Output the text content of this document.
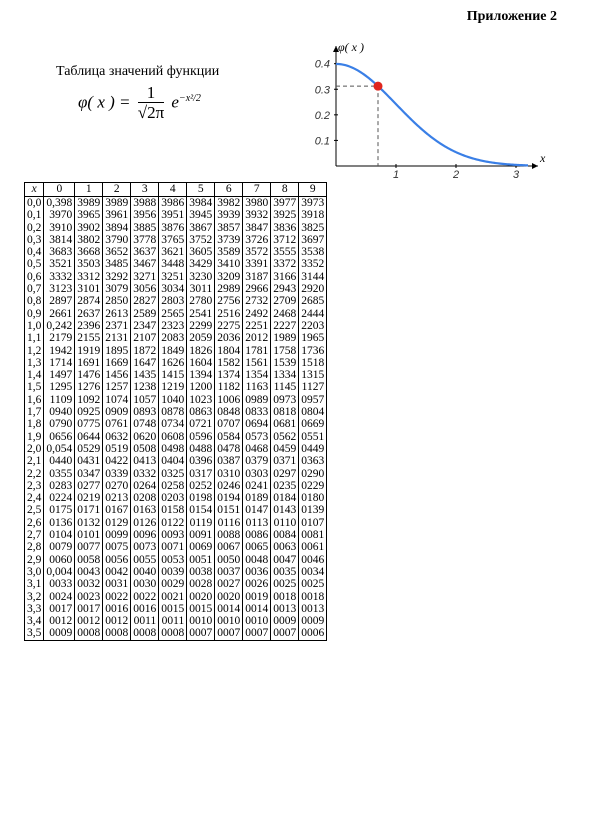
Приложение 2
Таблица значений функции
φ( x ) = $\frac{1}{√2\pi} e^{-x^2/2}$
0.4
0.3
0.2
0.1
1	2	3
φ( x )
x
x	0	1	2	3	4	5	6	7	8	9
0,0	0,398	3989	3989	3988	3986	3984	3982	3980	3977	3973
0,1	3970	3965	3961	3956	3951	3945	3939	3932	3925	3918
0,2	3910	3902	3894	3885	3876	3867	3857	3847	3836	3825
0,3	3814	3802	3790	3778	3765	3752	3739	3726	3712	3697
0,4	3683	3668	3652	3637	3621	3605	3589	3572	3555	3538
0,5	3521	3503	3485	3467	3448	3429	3410	3391	3372	3352
0,6	3332	3312	3292	3271	3251	3230	3209	3187	3166	3144
0,7	3123	3101	3079	3056	3034	3011	2989	2966	2943	2920
0,8	2897	2874	2850	2827	2803	2780	2756	2732	2709	2685
0,9	2661	2637	2613	2589	2565	2541	2516	2492	2468	2444
1,0	0,242	2396	2371	2347	2323	2299	2275	2251	2227	2203
1,1	2179	2155	2131	2107	2083	2059	2036	2012	1989	1965
1,2	1942	1919	1895	1872	1849	1826	1804	1781	1758	1736
1,3	1714	1691	1669	1647	1626	1604	1582	1561	1539	1518
1,4	1497	1476	1456	1435	1415	1394	1374	1354	1334	1315
1,5	1295	1276	1257	1238	1219	1200	1182	1163	1145	1127
1,6	1109	1092	1074	1057	1040	1023	1006	0989	0973	0957
1,7	0940	0925	0909	0893	0878	0863	0848	0833	0818	0804
1,8	0790	0775	0761	0748	0734	0721	0707	0694	0681	0669
1,9	0656	0644	0632	0620	0608	0596	0584	0573	0562	0551
2,0	0,054	0529	0519	0508	0498	0488	0478	0468	0459	0449
2,1	0440	0431	0422	0413	0404	0396	0387	0379	0371	0363
2,2	0355	0347	0339	0332	0325	0317	0310	0303	0297	0290
2,3	0283	0277	0270	0264	0258	0252	0246	0241	0235	0229
2,4	0224	0219	0213	0208	0203	0198	0194	0189	0184	0180
2,5	0175	0171	0167	0163	0158	0154	0151	0147	0143	0139
2,6	0136	0132	0129	0126	0122	0119	0116	0113	0110	0107
2,7	0104	0101	0099	0096	0093	0091	0088	0086	0084	0081
2,8	0079	0077	0075	0073	0071	0069	0067	0065	0063	0061
2,9	0060	0058	0056	0055	0053	0051	0050	0048	0047	0046
3,0	0,004	0043	0042	0040	0039	0038	0037	0036	0035	0034
3,1	0033	0032	0031	0030	0029	0028	0027	0026	0025	0025
3,2	0024	0023	0022	0022	0021	0020	0020	0019	0018	0018
3,3	0017	0017	0016	0016	0015	0015	0014	0014	0013	0013
3,4	0012	0012	0012	0011	0011	0010	0010	0010	0009	0009
3,5	0009	0008	0008	0008	0008	0007	0007	0007	0007	0006
